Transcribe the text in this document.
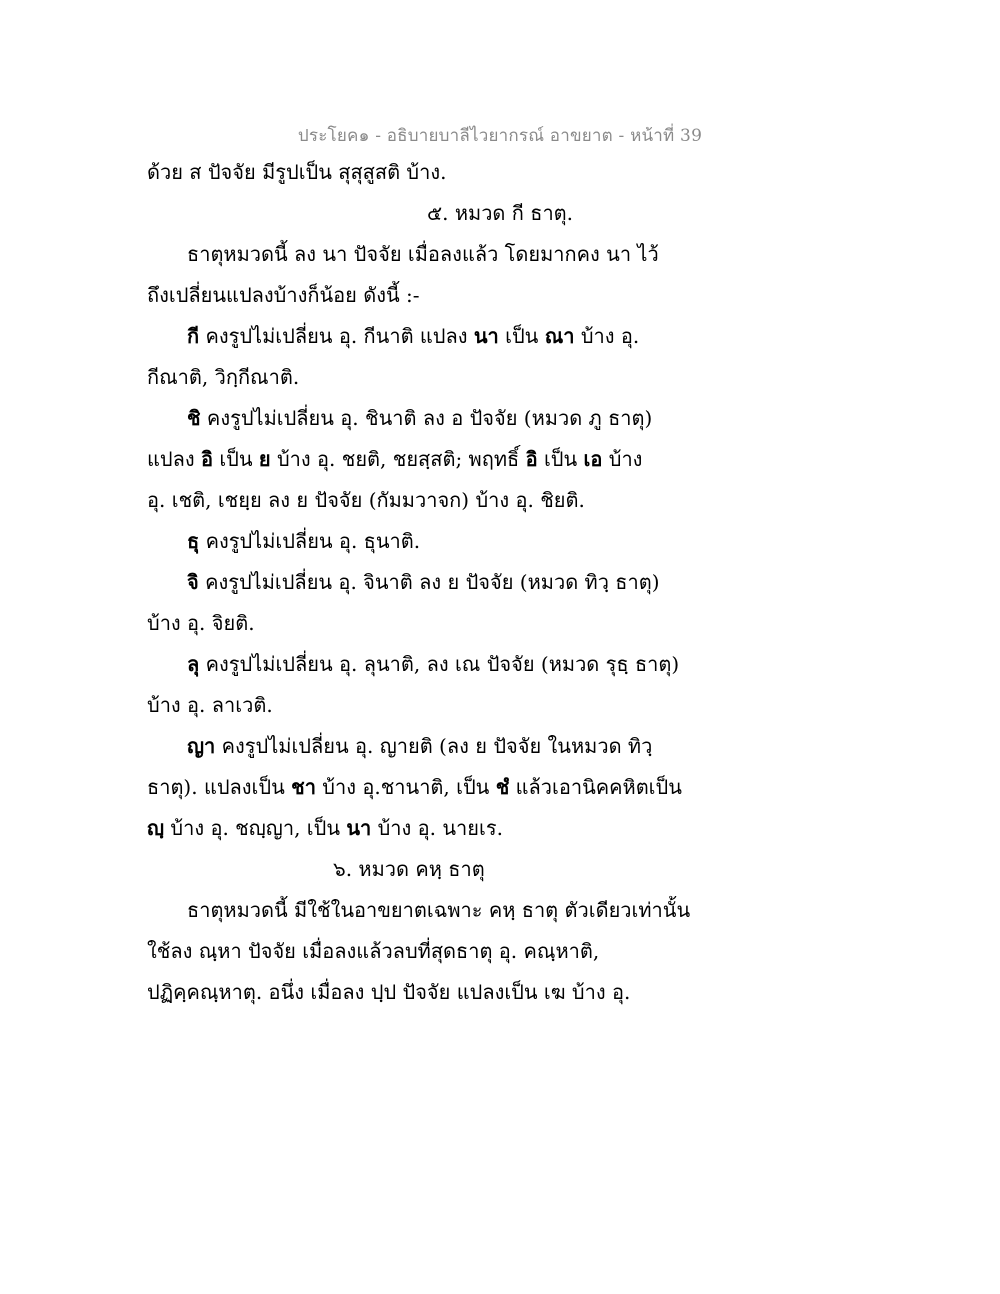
ประโยค๑ - อธิบายบาลีไวยากรณ์ อาขยาต - หน้าที่ 39
ด้วย ส ปัจจัย มีรูปเป็น สุสุสูสติ บ้าง.
๕. หมวด กี ธาตุ.
ธาตุหมวดนี้ ลง นา ปัจจัย เมื่อลงแล้ว โดยมากคง นา ไว้
ถึงเปลี่ยนแปลงบ้างก็น้อย ดังนี้ :-
กี คงรูปไม่เปลี่ยน อุ. กีนาติ แปลง นา เป็น ณา บ้าง อุ.
กีณาติ, วิกฺกีณาติ.
ชิ คงรูปไม่เปลี่ยน อุ. ชินาติ ลง อ ปัจจัย (หมวด ภู ธาตุ)
แปลง อิ เป็น ย บ้าง อุ. ชยติ, ชยสฺสติ; พฤทธิ์ อิ เป็น เอ บ้าง
อุ. เชติ, เชยฺย ลง ย ปัจจัย (กัมมวาจก) บ้าง อุ. ชิยติ.
ธุ คงรูปไม่เปลี่ยน อุ. ธุนาติ.
จิ คงรูปไม่เปลี่ยน อุ. จินาติ ลง ย ปัจจัย (หมวด ทิวฺ ธาตุ)
บ้าง อุ. จิยติ.
ลุ คงรูปไม่เปลี่ยน อุ. ลุนาติ, ลง เณ ปัจจัย (หมวด รุธฺ ธาตุ)
บ้าง อุ. ลาเวติ.
ญา คงรูปไม่เปลี่ยน อุ. ญายติ (ลง ย ปัจจัย ในหมวด ทิวฺ
ธาตุ). แปลงเป็น ชา บ้าง อุ.ชานาติ, เป็น ชํ แล้วเอานิคคหิตเป็น
ญฺ บ้าง อุ. ชญฺญา, เป็น นา บ้าง อุ. นายเร.
๖. หมวด คหฺ ธาตุ
ธาตุหมวดนี้ มีใช้ในอาขยาตเฉพาะ คหฺ ธาตุ ตัวเดียวเท่านั้น
ใช้ลง ณฺหา ปัจจัย เมื่อลงแล้วลบที่สุดธาตุ อุ. คณฺหาติ,
ปฏิคฺคณฺหาตุ. อนึ่ง เมื่อลง ปฺป ปัจจัย แปลงเป็น เฆ บ้าง อุ.
